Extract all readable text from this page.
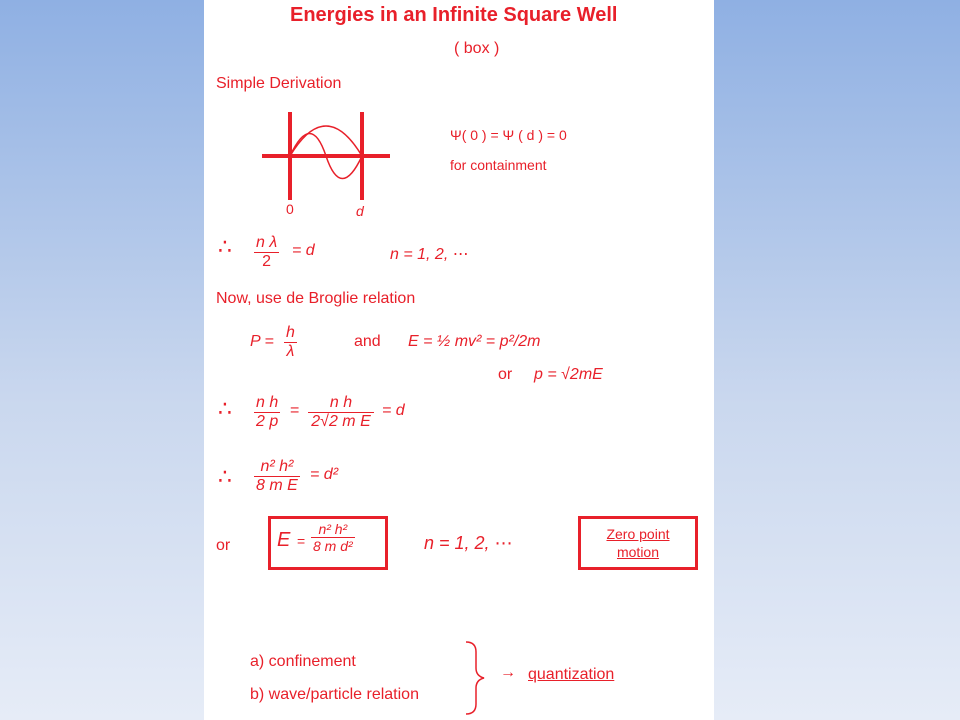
Energies in an Infinite Square Well
( box )
Simple Derivation
0	d
Ψ( 0 ) = Ψ ( d ) = 0
for containment
∴ $\frac{\text{n λ}}{2} = d$	n = 1, 2, ⋯
Now, use de Broglie relation
$P = \frac{h}{\lambda}$	and E = ½ mv² = p²/2m
or p = √2mE
∴ $\frac{\text{n h}}{2 p} = \frac{\text{n h}}{\text{2√2 m E}} = d$
∴ $\frac{\text{n² h²}}{\text{8 m E}} = d^2$
or $E = \frac{\text{n² h²}}{\text{8 m d²}}$	n = 1, 2, ⋯	Zero point motion
a) confinement
b) wave/particle relation
→ quantization
